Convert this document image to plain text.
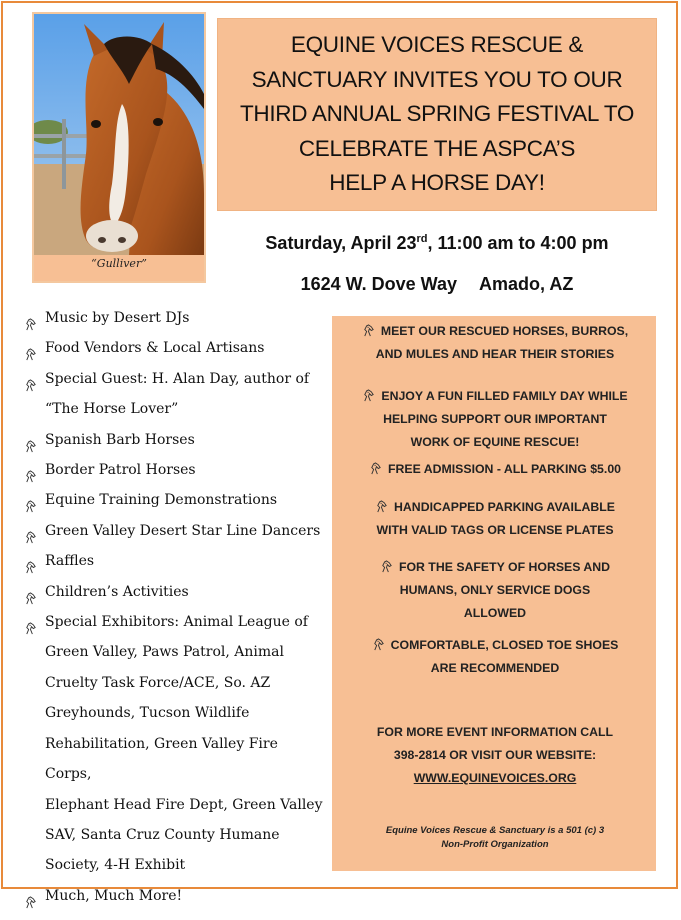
“Gulliver”
EQUINE VOICES RESCUE &
SANCTUARY INVITES YOU TO OUR
THIRD ANNUAL SPRING FESTIVAL TO
CELEBRATE THE ASPCA’S
HELP A HORSE DAY!
Saturday, April 23rd, 11:00 am to 4:00 pm
1624 W. Dove Way Amado, AZ
Music by Desert DJs
Food Vendors & Local Artisans
Special Guest: H. Alan Day, author of
“The Horse Lover”
Spanish Barb Horses
Border Patrol Horses
Equine Training Demonstrations
Green Valley Desert Star Line Dancers
Raffles
Children’s Activities
Special Exhibitors: Animal League of
Green Valley, Paws Patrol, Animal
Cruelty Task Force/ACE, So. AZ
Greyhounds, Tucson Wildlife
Rehabilitation, Green Valley Fire Corps,
Elephant Head Fire Dept, Green Valley
SAV, Santa Cruz County Humane
Society, 4-H Exhibit
Much, Much More!
COMFORTABLE, CLOSED TOE SHOES
ARE RECOMMENDED
FOR THE SAFETY OF HORSES AND
HUMANS, ONLY SERVICE DOGS
ALLOWED
HANDICAPPED PARKING AVAILABLE
WITH VALID TAGS OR LICENSE PLATES
FREE ADMISSION - ALL PARKING $5.00
ENJOY A FUN FILLED FAMILY DAY WHILE
HELPING SUPPORT OUR IMPORTANT
WORK OF EQUINE RESCUE!
MEET OUR RESCUED HORSES, BURROS,
AND MULES AND HEAR THEIR STORIES
FOR MORE EVENT INFORMATION CALL
398-2814 OR VISIT OUR WEBSITE:
WWW.EQUINEVOICES.ORG
Equine Voices Rescue & Sanctuary is a 501 (c) 3
Non-Profit Organization
